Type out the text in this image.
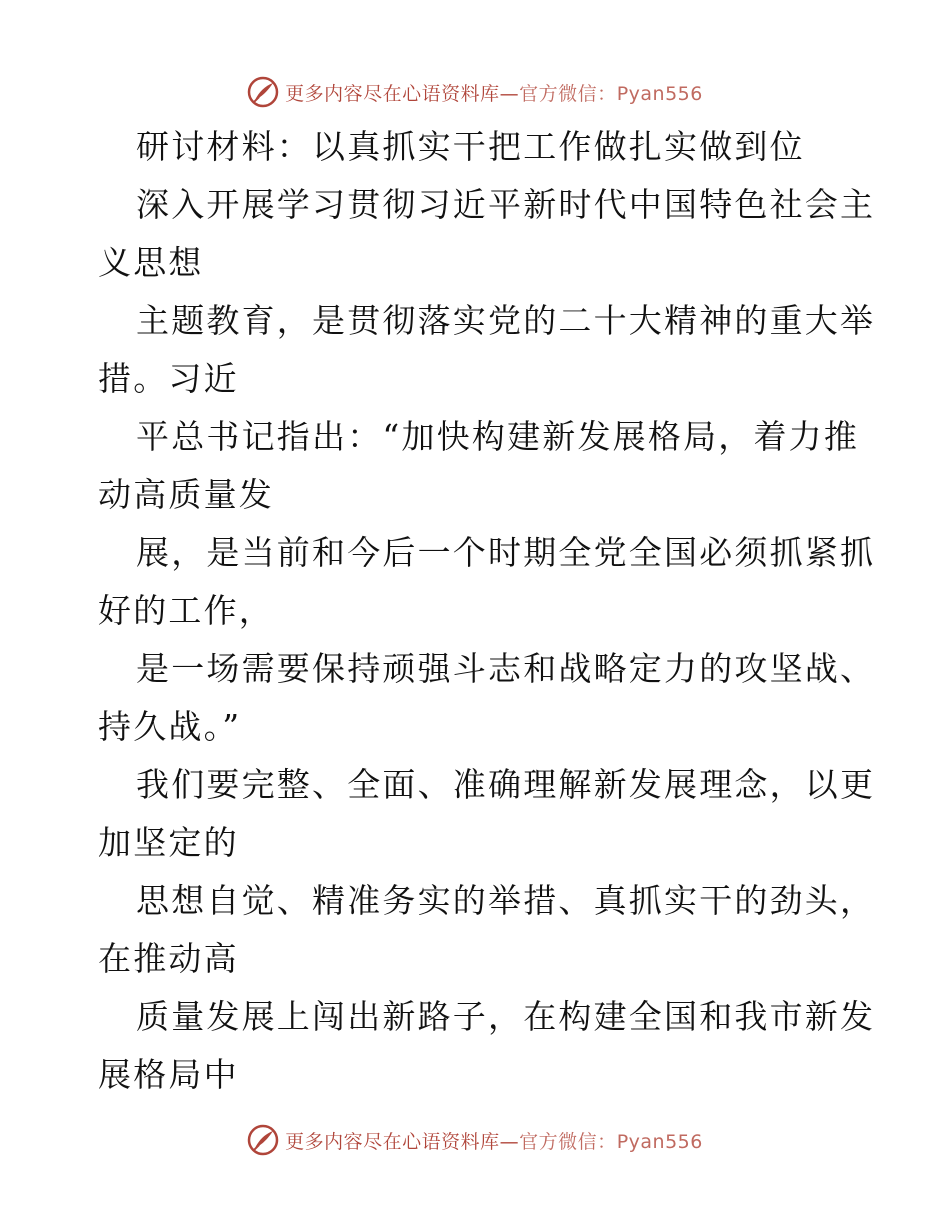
更多内容尽在心语资料库—官方微信：Pyan556
研讨材料：以真抓实干把工作做扎实做到位
深入开展学习贯彻习近平新时代中国特色社会主
义思想
主题教育，是贯彻落实党的二十大精神的重大举
措。习近
平总书记指出：“加快构建新发展格局，着力推
动高质量发
展，是当前和今后一个时期全党全国必须抓紧抓
好的工作，
是一场需要保持顽强斗志和战略定力的攻坚战、
持久战。”
我们要完整、全面、准确理解新发展理念，以更
加坚定的
思想自觉、精准务实的举措、真抓实干的劲头，
在推动高
质量发展上闯出新路子，在构建全国和我市新发
展格局中
更多内容尽在心语资料库—官方微信：Pyan556
